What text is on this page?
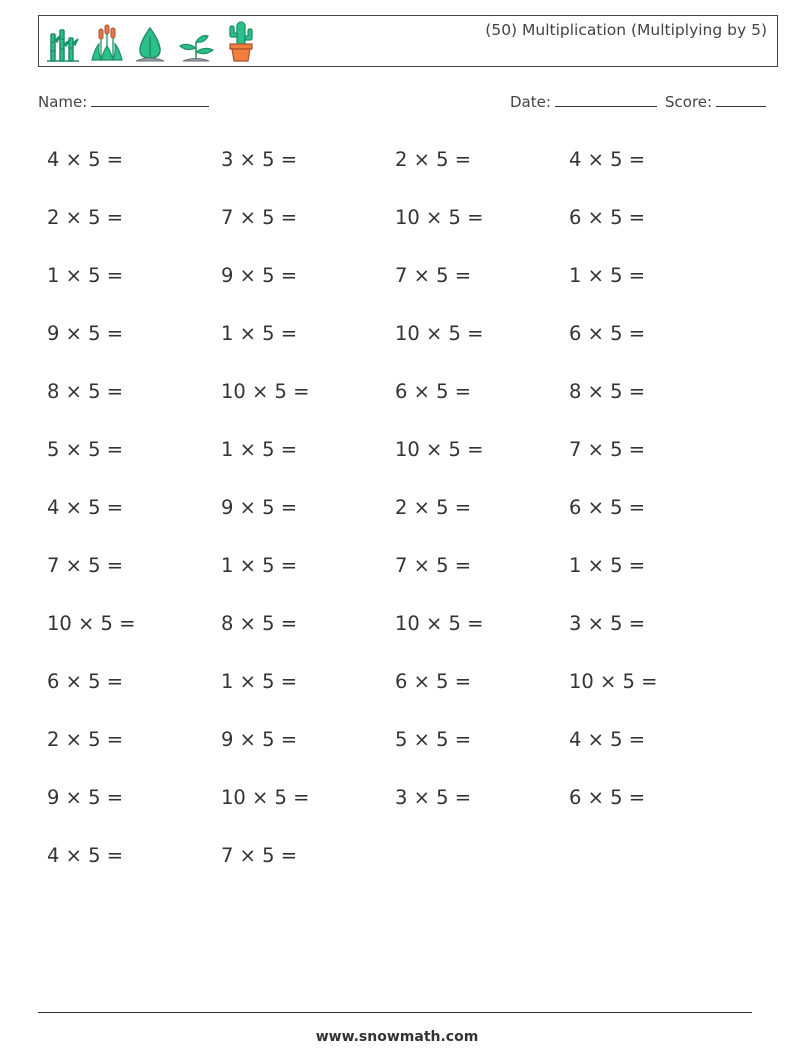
(50) Multiplication (Multiplying by 5)
Name:	Date:	Score:
4 × 5 =	3 × 5 =	2 × 5 =	4 × 5 =
2 × 5 =	7 × 5 =	10 × 5 =	6 × 5 =
1 × 5 =	9 × 5 =	7 × 5 =	1 × 5 =
9 × 5 =	1 × 5 =	10 × 5 =	6 × 5 =
8 × 5 =	10 × 5 =	6 × 5 =	8 × 5 =
5 × 5 =	1 × 5 =	10 × 5 =	7 × 5 =
4 × 5 =	9 × 5 =	2 × 5 =	6 × 5 =
7 × 5 =	1 × 5 =	7 × 5 =	1 × 5 =
10 × 5 =	8 × 5 =	10 × 5 =	3 × 5 =
6 × 5 =	1 × 5 =	6 × 5 =	10 × 5 =
2 × 5 =	9 × 5 =	5 × 5 =	4 × 5 =
9 × 5 =	10 × 5 =	3 × 5 =	6 × 5 =
4 × 5 =	7 × 5 =
www.snowmath.com
